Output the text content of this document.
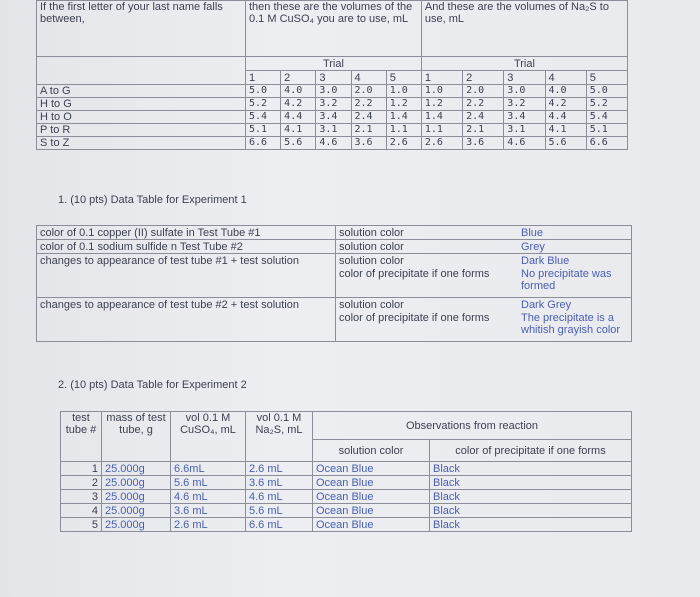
If the first letter of your last name falls between,	then these are the volumes of the 0.1 M CuSO₄ you are to use, mL					And these are the volumes of Na₂S to use, mL				
	Trial					Trial				
	1	2	3	4	5	1	2	3	4	5
A to G	5.0	4.0	3.0	2.0	1.0	1.0	2.0	3.0	4.0	5.0
H to G	5.2	4.2	3.2	2.2	1.2	1.2	2.2	3.2	4.2	5.2
H to O	5.4	4.4	3.4	2.4	1.4	1.4	2.4	3.4	4.4	5.4
P to R	5.1	4.1	3.1	2.1	1.1	1.1	2.1	3.1	4.1	5.1
S to Z	6.6	5.6	4.6	3.6	2.6	2.6	3.6	4.6	5.6	6.6
1. (10 pts) Data Table for Experiment 1
color of 0.1 copper (II) sulfate in Test Tube #1	solution color	Blue
color of 0.1 sodium sulfide n Test Tube #2	solution color	Grey
changes to appearance of test tube #1 + test solution	solution color	Dark Blue
	color of precipitate if one forms	No precipitate was formed
changes to appearance of test tube #2 + test solution	solution color	Dark Grey
	color of precipitate if one forms	The precipitate is a whitish grayish color
2. (10 pts) Data Table for Experiment 2
test tube #	mass of test tube, g	vol 0.1 M CuSO₄, mL	vol 0.1 M Na₂S, mL	Observations from reaction	
				solution color	color of precipitate if one forms
1	25.000g	6.6mL	2.6 mL	Ocean Blue	Black
2	25.000g	5.6 mL	3.6 mL	Ocean Blue	Black
3	25.000g	4.6 mL	4.6 mL	Ocean Blue	Black
4	25.000g	3.6 mL	5.6 mL	Ocean Blue	Black
5	25.000g	2.6 mL	6.6 mL	Ocean Blue	Black
